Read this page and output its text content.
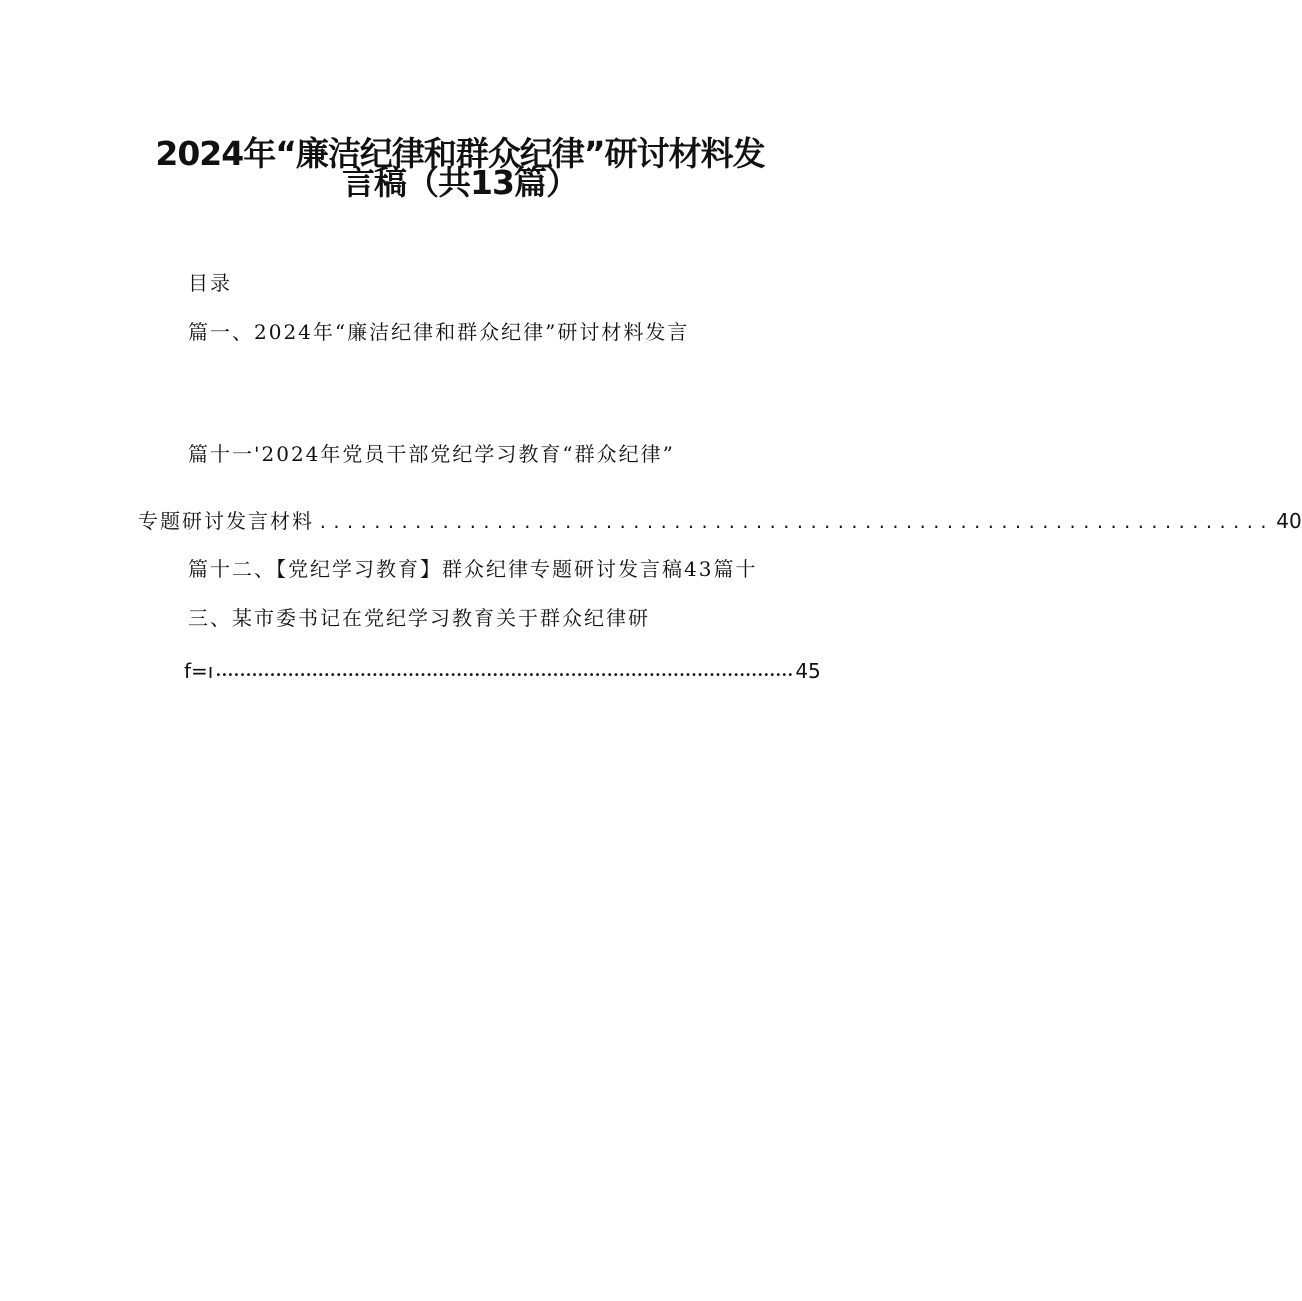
2024年“廉洁纪律和群众纪律”研讨材料发
言稿（共13篇）
目录
篇一、2024年“廉洁纪律和群众纪律”研讨材料发言
篇十一'2024年党员干部党纪学习教育“群众纪律”
专题研讨发言材料 ...................................................................... 40
篇十二、【党纪学习教育】群众纪律专题研讨发言稿43篇十
三、某市委书记在党纪学习教育关于群众纪律研
f=ı •••••••••••••••••••••••••••••••••••••••••••••••••••••••••••••••••••••••••••••••••••••••••••••••• 45
